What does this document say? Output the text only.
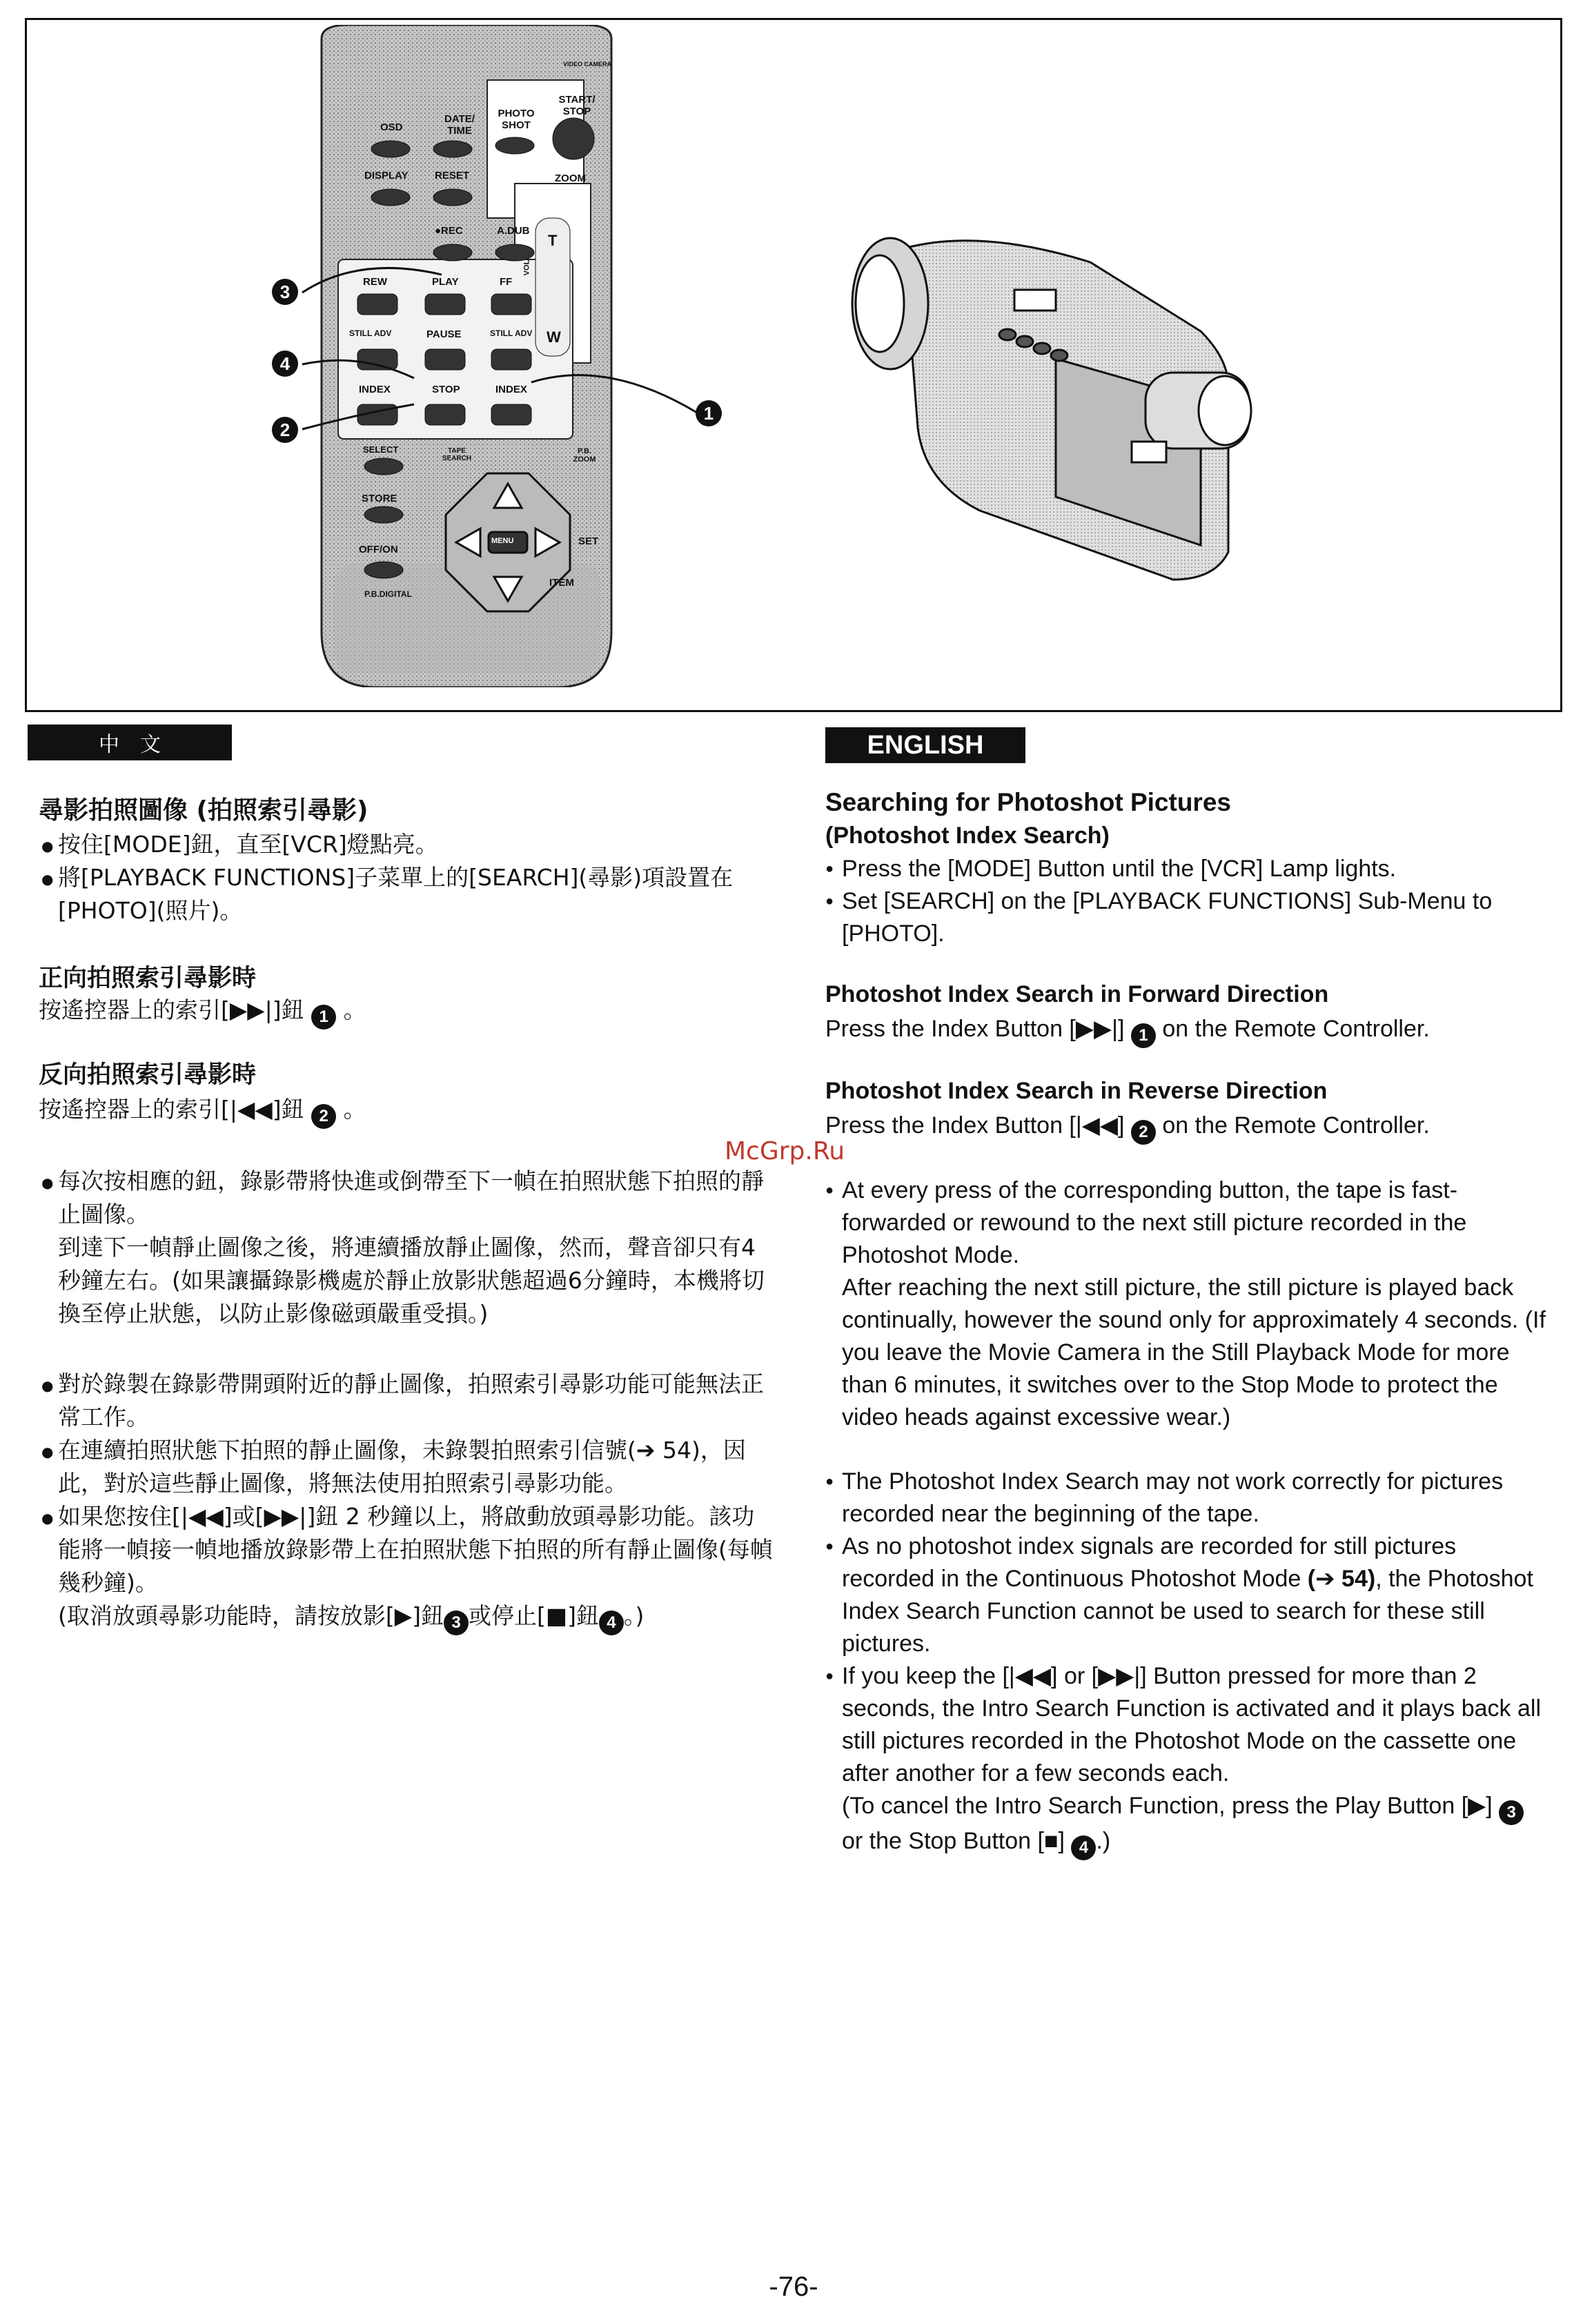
VIDEO CAMERA
OSD
DATE/ TIME
PHOTO SHOT
START/ STOP
DISPLAY	RESET	ZOOM
●REC	A.DUB
T
W
VOL
REW	PLAY	FF
STILL ADV	PAUSE	STILL ADV
INDEX	STOP	INDEX
SELECT	TAPE SEARCH
P.B. ZOOM
STORE
MENU	SET
OFF/ON
ITEM
P.B.DIGITAL
3
4
2
1
中　文
尋影拍照圖像 (拍照索引尋影)
● 按住[MODE]鈕，直至[VCR]燈點亮。
● 將[PLAYBACK FUNCTIONS]子菜單上的[SEARCH](尋影)項設置在[PHOTO](照片)。
正向拍照索引尋影時

按遙控器上的索引[▶▶|]鈕 1 。

反向拍照索引尋影時

按遙控器上的索引[|◀◀]鈕 2 。

● 每次按相應的鈕，錄影帶將快進或倒帶至下一幀在拍照狀態下拍照的靜止圖像。
到達下一幀靜止圖像之後，將連續播放靜止圖像，然而，聲音卻只有4秒鐘左右。(如果讓攝錄影機處於靜止放影狀態超過6分鐘時，本機將切換至停止狀態，以防止影像磁頭嚴重受損。)
● 對於錄製在錄影帶開頭附近的靜止圖像，拍照索引尋影功能可能無法正常工作。
● 在連續拍照狀態下拍照的靜止圖像，未錄製拍照索引信號(➔ 54)，因此，對於這些靜止圖像，將無法使用拍照索引尋影功能。
● 如果您按住[|◀◀]或[▶▶|]鈕 2 秒鐘以上，將啟動放頭尋影功能。該功能將一幀接一幀地播放錄影帶上在拍照狀態下拍照的所有靜止圖像(每幀幾秒鐘)。
(取消放頭尋影功能時，請按放影[▶]鈕 3 或停止[■]鈕 4 。)
ENGLISH
Searching for Photoshot Pictures
(Photoshot Index Search)
● Press the [MODE] Button until the [VCR] Lamp lights.
● Set [SEARCH] on the [PLAYBACK FUNCTIONS] Sub-Menu to [PHOTO].
Photoshot Index Search in Forward Direction

Press the Index Button [▶▶|] 1 on the Remote Controller.

Photoshot Index Search in Reverse Direction

Press the Index Button [|◀◀] 2 on the Remote Controller.

● At every press of the corresponding button, the tape is fast-forwarded or rewound to the next still picture recorded in the Photoshot Mode.
After reaching the next still picture, the still picture is played back continually, however the sound only for approximately 4 seconds. (If you leave the Movie Camera in the Still Playback Mode for more than 6 minutes, it switches over to the Stop Mode to protect the video heads against excessive wear.)
● The Photoshot Index Search may not work correctly for pictures recorded near the beginning of the tape.
● As no photoshot index signals are recorded for still pictures recorded in the Continuous Photoshot Mode (➔ 54), the Photoshot Index Search Function cannot be used to search for these still pictures.
● If you keep the [|◀◀] or [▶▶|] Button pressed for more than 2 seconds, the Intro Search Function is activated and it plays back all still pictures recorded in the Photoshot Mode on the cassette one after another for a few seconds each.
(To cancel the Intro Search Function, press the Play Button [▶] 3 or the Stop Button [■] 4 .)
McGrp.Ru
-76-
